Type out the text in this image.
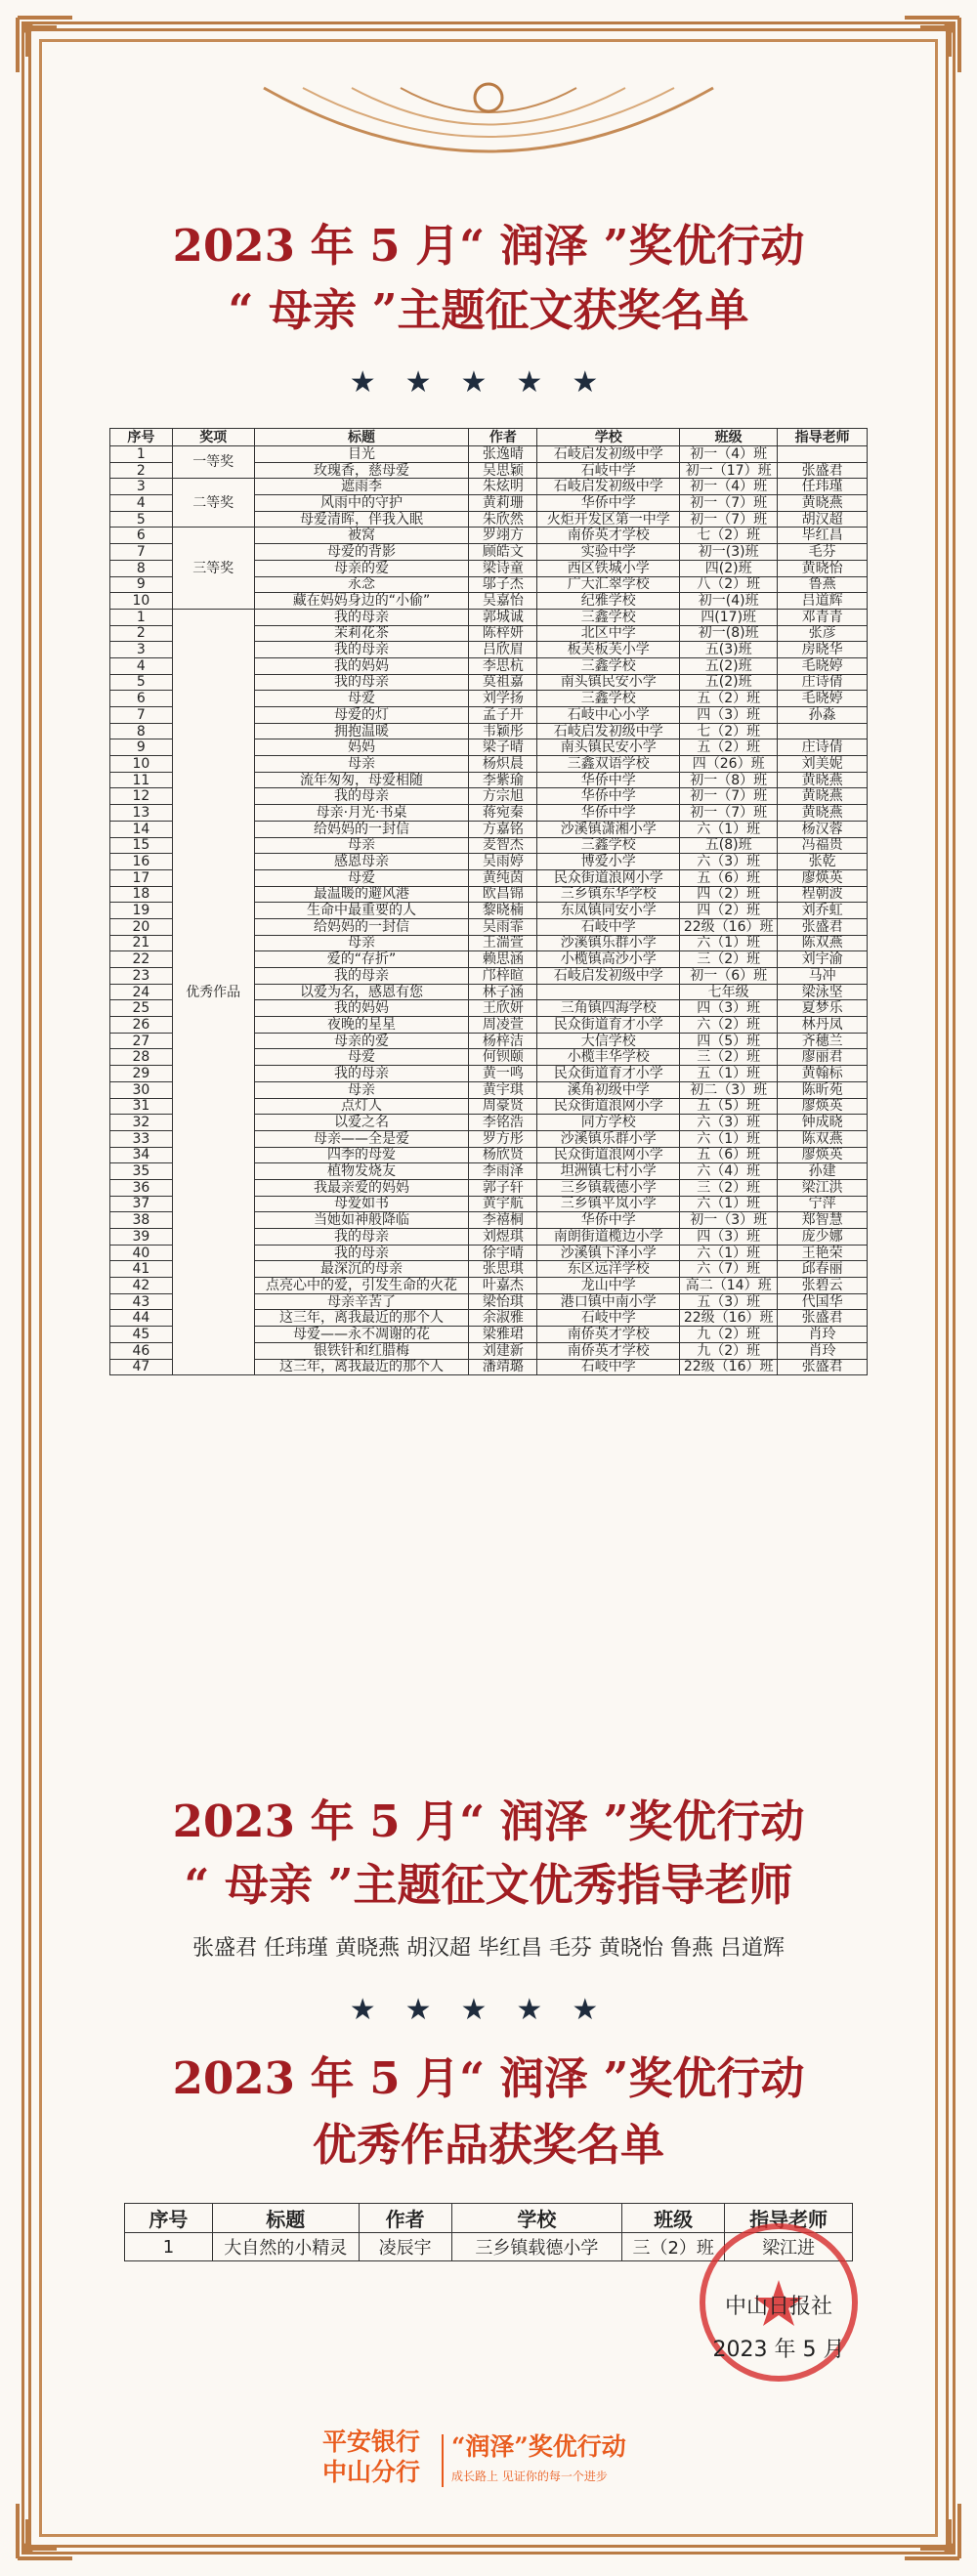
2023 年 5 月“ 润泽 ”奖优行动
“ 母亲 ”主题征文获奖名单
★★★★★
序号	奖项	标题	作者	学校	班级	指导老师
1	一等奖	目光	张逸晴	石岐启发初级中学	初一（4）班	
2		玫瑰香，慈母爱	吴思颖	石岐中学	初一（17）班	张盛君
3	二等奖	遮雨李	朱炫明	石岐启发初级中学	初一（4）班	任玮瑾
4		风雨中的守护	黄莉珊	华侨中学	初一（7）班	黄晓燕
5		母爱清晖，伴我入眠	朱欣然	火炬开发区第一中学	初一（7）班	胡汉超
6	三等奖	被窝	罗翊方	南侨英才学校	七（2）班	毕红昌
7		母爱的背影	顾皓文	实验中学	初一(3)班	毛芬
8		母亲的爱	梁诗童	西区铁城小学	四(2)班	黄晓怡
9		永念	邬子杰	广大汇翠学校	八（2）班	鲁燕
10		藏在妈妈身边的“小偷”	吴嘉怡	纪雅学校	初一(4)班	吕道辉
1	优秀作品	我的母亲	郭城诚	三鑫学校	四(17)班	邓青青
2		茉莉花茶	陈梓妍	北区中学	初一(8)班	张彦
3		我的母亲	吕欣眉	板芙板芙小学	五(3)班	房晓华
4		我的妈妈	李思杭	三鑫学校	五(2)班	毛晓婷
5		我的母亲	莫祖嘉	南头镇民安小学	五(2)班	庄诗倩
6		母爱	刘学扬	三鑫学校	五（2）班	毛晓婷
7		母爱的灯	孟子开	石岐中心小学	四（3）班	孙淼
8		拥抱温暖	韦颖彤	石岐启发初级中学	七（2）班	
9		妈妈	梁子晴	南头镇民安小学	五（2）班	庄诗倩
10		母亲	杨炽晨	三鑫双语学校	四（26）班	刘美妮
11		流年匆匆，母爱相随	李紫瑜	华侨中学	初一（8）班	黄晓燕
12		我的母亲	方宗旭	华侨中学	初一（7）班	黄晓燕
13		母亲·月光·书桌	蒋宛秦	华侨中学	初一（7）班	黄晓燕
14		给妈妈的一封信	方嘉铭	沙溪镇潇湘小学	六（1）班	杨汉蓉
15		母亲	麦智杰	三鑫学校	五(8)班	冯福贵
16		感恩母亲	吴雨婷	博爱小学	六（3）班	张乾
17		母爱	黄纯茵	民众街道浪网小学	五（6）班	廖煐英
18		最温暖的避风港	欧昌锦	三乡镇东华学校	四（2）班	程朝波
19		生命中最重要的人	黎晓楠	东凤镇同安小学	四（2）班	刘乔虹
20		给妈妈的一封信	吴雨霏	石岐中学	22级（16）班	张盛君
21		母亲	王湍萱	沙溪镇乐群小学	六（1）班	陈双燕
22		爱的“存折”	赖思涵	小榄镇高沙小学	三（2）班	刘宇渝
23		我的母亲	邝梓暄	石岐启发初级中学	初一（6）班	马冲
24		以爱为名，感恩有您	林子涵		七年级	梁泳坚
25		我的妈妈	王欣妍	三角镇四海学校	四（3）班	夏梦乐
26		夜晚的星星	周凌萱	民众街道育才小学	六（2）班	林丹凤
27		母亲的爱	杨梓洁	大信学校	四（5）班	齐穗兰
28		母爱	何钡颐	小榄丰华学校	三（2）班	廖丽君
29		我的母亲	黄一鸣	民众街道育才小学	五（1）班	黄翰标
30		母亲	黄宇琪	溪角初级中学	初二（3）班	陈昕苑
31		点灯人	周豪贤	民众街道浪网小学	五（5）班	廖煐英
32		以爱之名	李铭浩	同方学校	六（3）班	钟成晓
33		母亲——全是爱	罗方彤	沙溪镇乐群小学	六（1）班	陈双燕
34		四季的母爱	杨欣贤	民众街道浪网小学	五（6）班	廖煐英
35		植物发烧友	李雨泽	坦洲镇七村小学	六（4）班	孙建
36		我最亲爱的妈妈	郭子轩	三乡镇载德小学	三（2）班	梁江洪
37		母爱如书	黄宇航	三乡镇平岚小学	六（1）班	宁萍
38		当她如神般降临	李禧桐	华侨中学	初一（3）班	郑智慧
39		我的母亲	刘煜琪	南朗街道榄边小学	四（3）班	庞少娜
40		我的母亲	徐宇晴	沙溪镇下泽小学	六（1）班	王艳荣
41		最深沉的母亲	张思琪	东区远洋学校	六（7）班	邱春丽
42		点亮心中的爱，引发生命的火花	叶嘉杰	龙山中学	高二（14）班	张碧云
43		母亲辛苦了	梁怡琪	港口镇中南小学	五（3）班	代国华
44		这三年，离我最近的那个人	余淑雅	石岐中学	22级（16）班	张盛君
45		母爱——永不凋谢的花	梁雅珺	南侨英才学校	九（2）班	肖玲
46		银铁针和红腊梅	刘建新	南侨英才学校	九（2）班	肖玲
47		这三年，离我最近的那个人	潘靖璐	石岐中学	22级（16）班	张盛君
2023 年 5 月“ 润泽 ”奖优行动
“ 母亲 ”主题征文优秀指导老师
张盛君 任玮瑾 黄晓燕 胡汉超 毕红昌 毛芬 黄晓怡 鲁燕 吕道辉
★★★★★
2023 年 5 月“ 润泽 ”奖优行动
优秀作品获奖名单
序号	标题	作者	学校	班级	指导老师
1	大自然的小精灵	凌辰宇	三乡镇载德小学	三（2）班	梁江进
中山日报社
2023 年 5 月
平安银行
中山分行
“润泽”奖优行动
成长路上 见证你的每一个进步
